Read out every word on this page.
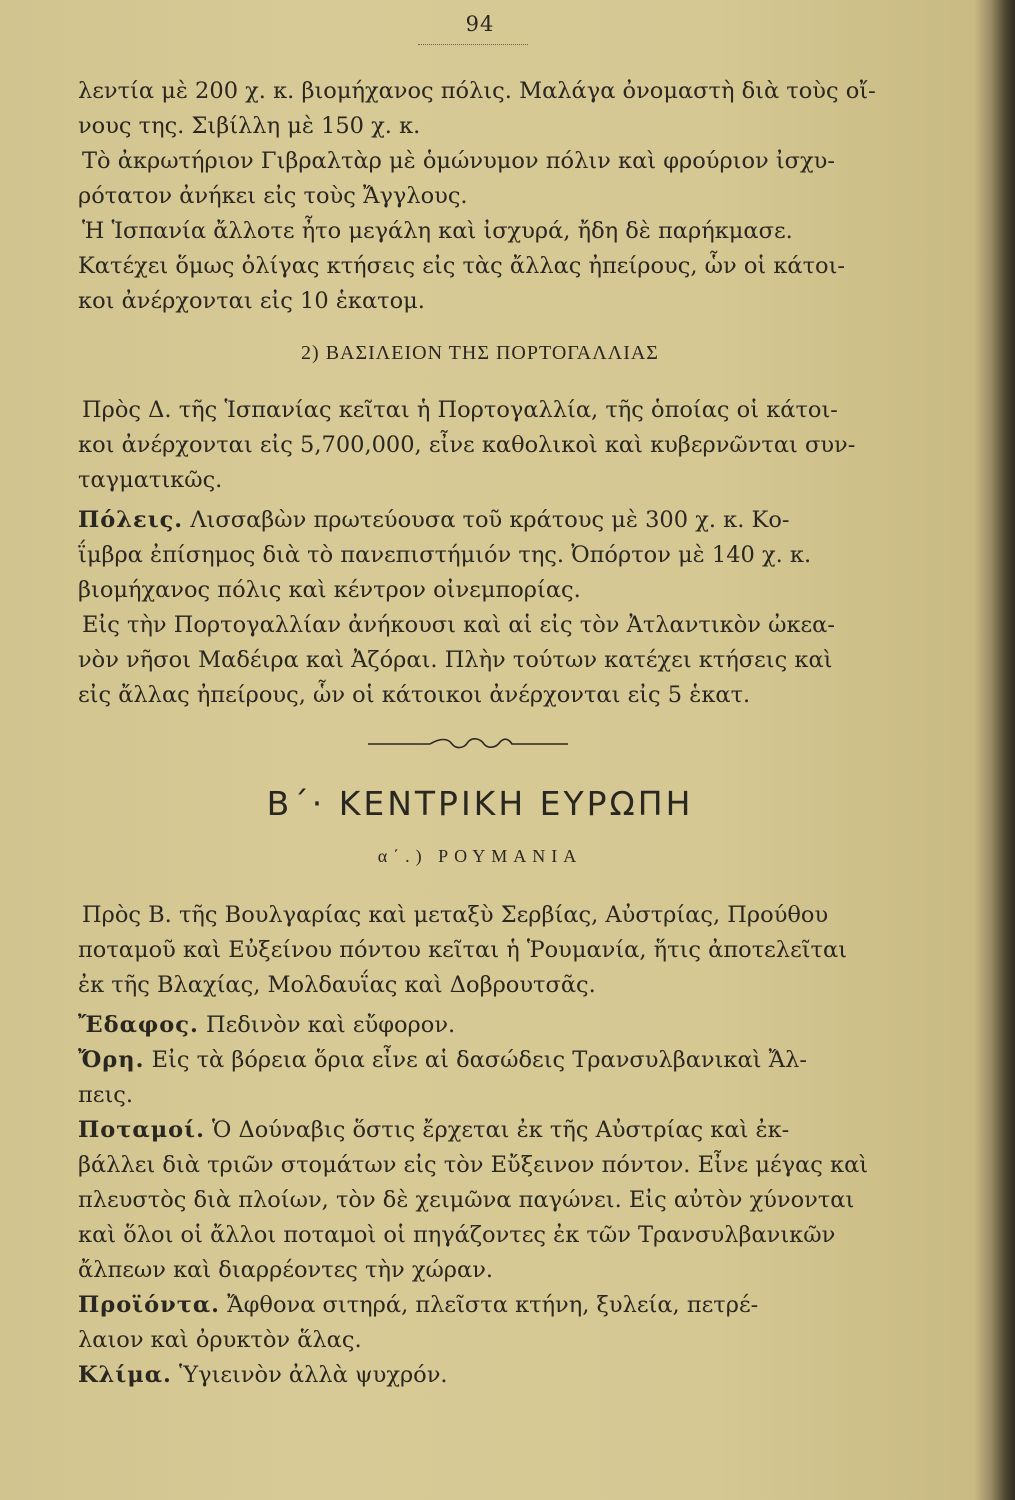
94

λεντία μὲ 200 χ. κ. βιομήχανος πόλις. Μαλάγα ὀνομαστὴ διὰ τοὺς οἴ-

νους της. Σιβίλλη μὲ 150 χ. κ.

Τὸ ἀκρωτήριον Γιβραλτὰρ μὲ ὁμώνυμον πόλιν καὶ φρούριον ἰσχυ-

ρότατον ἀνήκει εἰς τοὺς Ἄγγλους.

Ἡ Ἱσπανία ἄλλοτε ἦτο μεγάλη καὶ ἰσχυρά, ἤδη δὲ παρήκμασε.

Κατέχει ὅμως ὀλίγας κτήσεις εἰς τὰς ἄλλας ἠπείρους, ὧν οἱ κάτοι-

κοι ἀνέρχονται εἰς 10 ἑκατομ.

2) ΒΑΣΙΛΕΙΟΝ ΤΗΣ ΠΟΡΤΟΓΑΛΛΙΑΣ

Πρὸς Δ. τῆς Ἱσπανίας κεῖται ἡ Πορτογαλλία, τῆς ὁποίας οἱ κάτοι-

κοι ἀνέρχονται εἰς 5,700,000, εἶνε καθολικοὶ καὶ κυβερνῶνται συν-

ταγματικῶς.

Πόλεις. Λισσαβὼν πρωτεύουσα τοῦ κράτους μὲ 300 χ. κ. Κο-

ΐμβρα ἐπίσημος διὰ τὸ πανεπιστήμιόν της. Ὀπόρτον μὲ 140 χ. κ.

βιομήχανος πόλις καὶ κέντρον οἰνεμπορίας.

Εἰς τὴν Πορτογαλλίαν ἀνήκουσι καὶ αἱ εἰς τὸν Ἀτλαντικὸν ὠκεα-

νὸν νῆσοι Μαδέιρα καὶ Ἀζόραι. Πλὴν τούτων κατέχει κτήσεις καὶ

εἰς ἄλλας ἠπείρους, ὧν οἱ κάτοικοι ἀνέρχονται εἰς 5 ἑκατ.

Β΄· ΚΕΝΤΡΙΚΗ ΕΥΡΩΠΗ
α΄.) ΡΟΥΜΑΝΙΑ

Πρὸς Β. τῆς Βουλγαρίας καὶ μεταξὺ Σερβίας, Αὐστρίας, Προύθου

ποταμοῦ καὶ Εὐξείνου πόντου κεῖται ἡ Ῥουμανία, ἥτις ἀποτελεῖται

ἐκ τῆς Βλαχίας, Μολδαυΐας καὶ Δοβρουτσᾶς.

Ἔδαφος. Πεδινὸν καὶ εὔφορον.

Ὄρη. Εἰς τὰ βόρεια ὅρια εἶνε αἱ δασώδεις Τρανσυλβανικαὶ Ἄλ-

πεις.

Ποταμοί. Ὁ Δούναβις ὅστις ἔρχεται ἐκ τῆς Αὐστρίας καὶ ἐκ-

βάλλει διὰ τριῶν στομάτων εἰς τὸν Εὔξεινον πόντον. Εἶνε μέγας καὶ

πλευστὸς διὰ πλοίων, τὸν δὲ χειμῶνα παγώνει. Εἰς αὐτὸν χύνονται

καὶ ὅλοι οἱ ἄλλοι ποταμοὶ οἱ πηγάζοντες ἐκ τῶν Τρανσυλβανικῶν

ἄλπεων καὶ διαρρέοντες τὴν χώραν.

Προϊόντα. Ἄφθονα σιτηρά, πλεῖστα κτήνη, ξυλεία, πετρέ-

λαιον καὶ ὀρυκτὸν ἅλας.

Κλίμα. Ὑγιεινὸν ἀλλὰ ψυχρόν.
